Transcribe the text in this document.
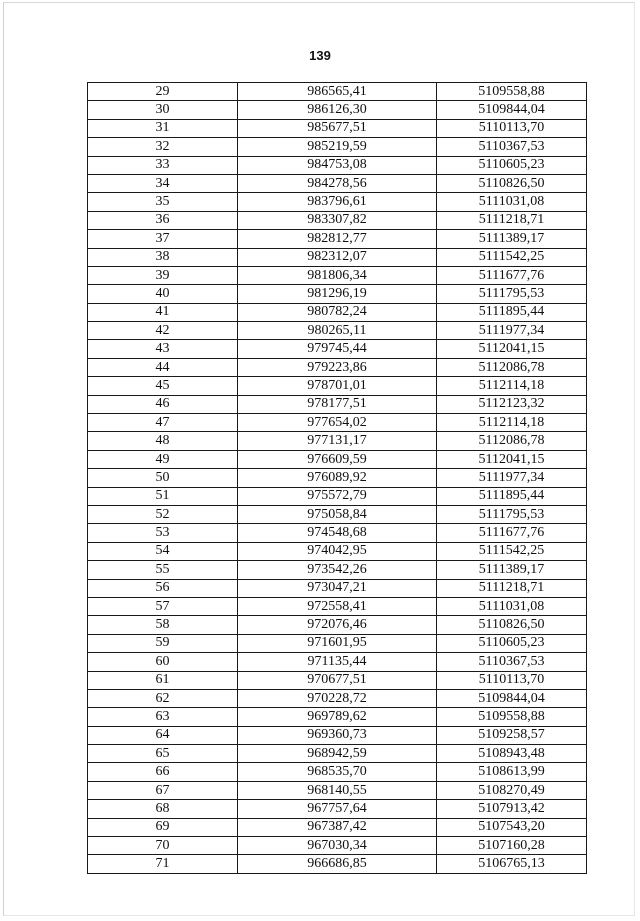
139
29	986565,41	5109558,88
30	986126,30	5109844,04
31	985677,51	5110113,70
32	985219,59	5110367,53
33	984753,08	5110605,23
34	984278,56	5110826,50
35	983796,61	5111031,08
36	983307,82	5111218,71
37	982812,77	5111389,17
38	982312,07	5111542,25
39	981806,34	5111677,76
40	981296,19	5111795,53
41	980782,24	5111895,44
42	980265,11	5111977,34
43	979745,44	5112041,15
44	979223,86	5112086,78
45	978701,01	5112114,18
46	978177,51	5112123,32
47	977654,02	5112114,18
48	977131,17	5112086,78
49	976609,59	5112041,15
50	976089,92	5111977,34
51	975572,79	5111895,44
52	975058,84	5111795,53
53	974548,68	5111677,76
54	974042,95	5111542,25
55	973542,26	5111389,17
56	973047,21	5111218,71
57	972558,41	5111031,08
58	972076,46	5110826,50
59	971601,95	5110605,23
60	971135,44	5110367,53
61	970677,51	5110113,70
62	970228,72	5109844,04
63	969789,62	5109558,88
64	969360,73	5109258,57
65	968942,59	5108943,48
66	968535,70	5108613,99
67	968140,55	5108270,49
68	967757,64	5107913,42
69	967387,42	5107543,20
70	967030,34	5107160,28
71	966686,85	5106765,13
